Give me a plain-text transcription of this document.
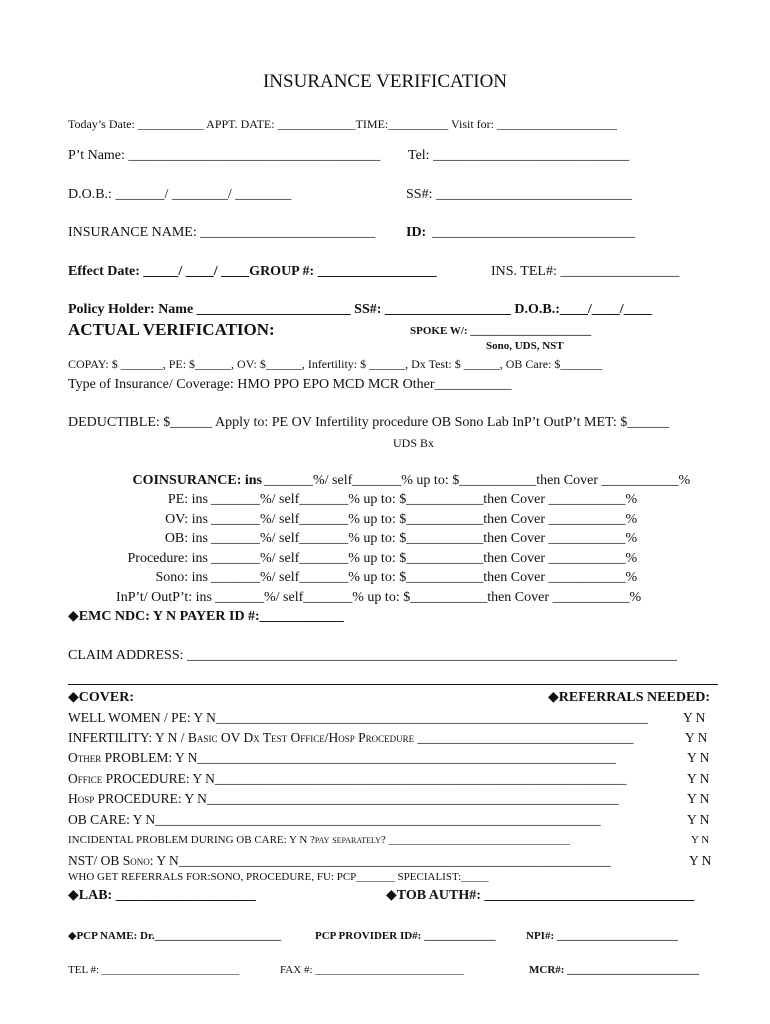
INSURANCE VERIFICATION
Today’s Date: ___________ APPT. DATE: _____________TIME:__________ Visit for: ____________________
P’t Name: ____________________________________ Tel: ____________________________
D.O.B.: _______/ ________/ ________	SS#: ____________________________
INSURANCE NAME: _________________________ ID: _____________________________
Effect Date: _____/ ____/ ____GROUP #: _________________	INS. TEL#: _________________
Policy Holder: Name ______________________ SS#: __________________ D.O.B.:____/____/____
ACTUAL VERIFICATION:	SPOKE W/: ______________________
Sono, UDS, NST
COPAY: $ _______, PE: $______, OV: $______, Infertility: $ ______, Dx Test: $ ______, OB Care: $_______
Type of Insurance/ Coverage: HMO PPO EPO MCD MCR Other___________
DEDUCTIBLE: $______ Apply to: PE OV Infertility procedure OB Sono Lab InP’t OutP’t MET: $______
UDS Bx
COINSURANCE: ins _______%/ self_______% up to: $___________then Cover ___________%
PE: ins _______%/ self_______% up to: $___________then Cover ___________%
OV: ins _______%/ self_______% up to: $___________then Cover ___________%
OB: ins _______%/ self_______% up to: $___________then Cover ___________%
Procedure: ins _______%/ self_______% up to: $___________then Cover ___________%
Sono: ins _______%/ self_______% up to: $___________then Cover ___________%
InP’t/ OutP’t: ins _______%/ self_______% up to: $___________then Cover ___________%
◆EMC NDC: Y N PAYER ID #:____________
CLAIM ADDRESS: ______________________________________________________________________
◆COVER:	◆REFERRALS NEEDED:
WELL WOMEN / PE: Y N________________________________________________________________	Y N
INFERTILITY: Y N / Basic OV Dx Test Office/Hosp Procedure ________________________________	Y N
Other PROBLEM: Y N______________________________________________________________	Y N
Office PROCEDURE: Y N_____________________________________________________________	Y N
Hosp PROCEDURE: Y N_____________________________________________________________	Y N
OB CARE: Y N__________________________________________________________________	Y N
INCIDENTAL PROBLEM DURING OB CARE: Y N ?pay separately? _________________________________	Y N
NST/ OB Sono: Y N________________________________________________________________	Y N
WHO GET REFERRALS FOR:SONO, PROCEDURE, FU: PCP_______ SPECIALIST:_____
◆LAB: ____________________	◆TOB AUTH#: ______________________________
◆PCP NAME: Dr._______________________	PCP PROVIDER ID#: _____________	NPI#: ______________________
TEL #: _________________________	FAX #: ___________________________	MCR#: ________________________
